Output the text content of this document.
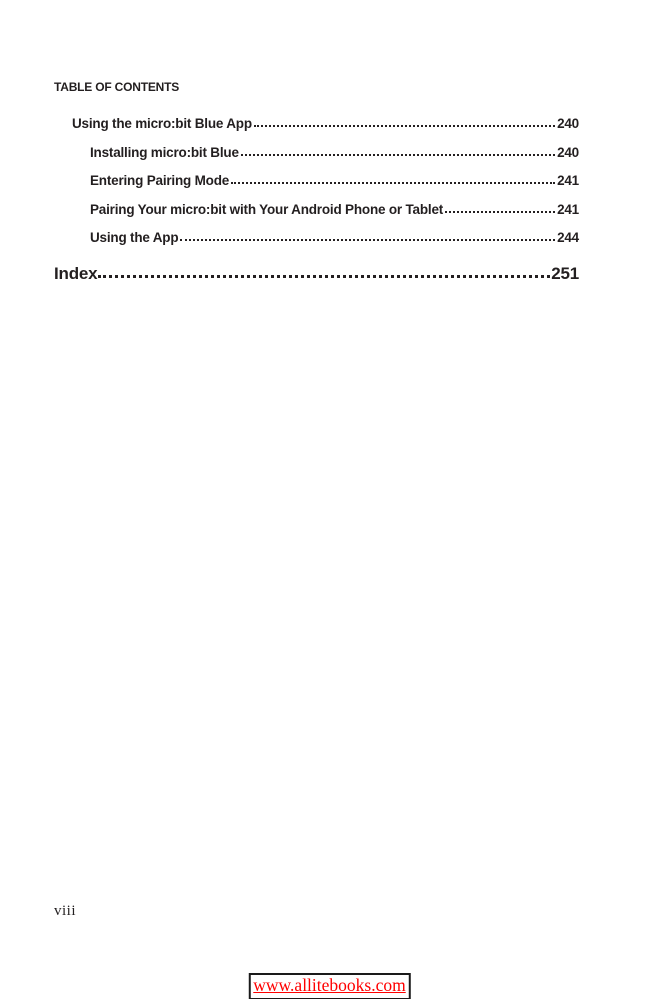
TABLE OF CONTENTS
Using the micro:bit Blue App	240
Installing micro:bit Blue	240
Entering Pairing Mode	241
Pairing Your micro:bit with Your Android Phone or Tablet	241
Using the App	244
Index	251
viii
www.allitebooks.com
